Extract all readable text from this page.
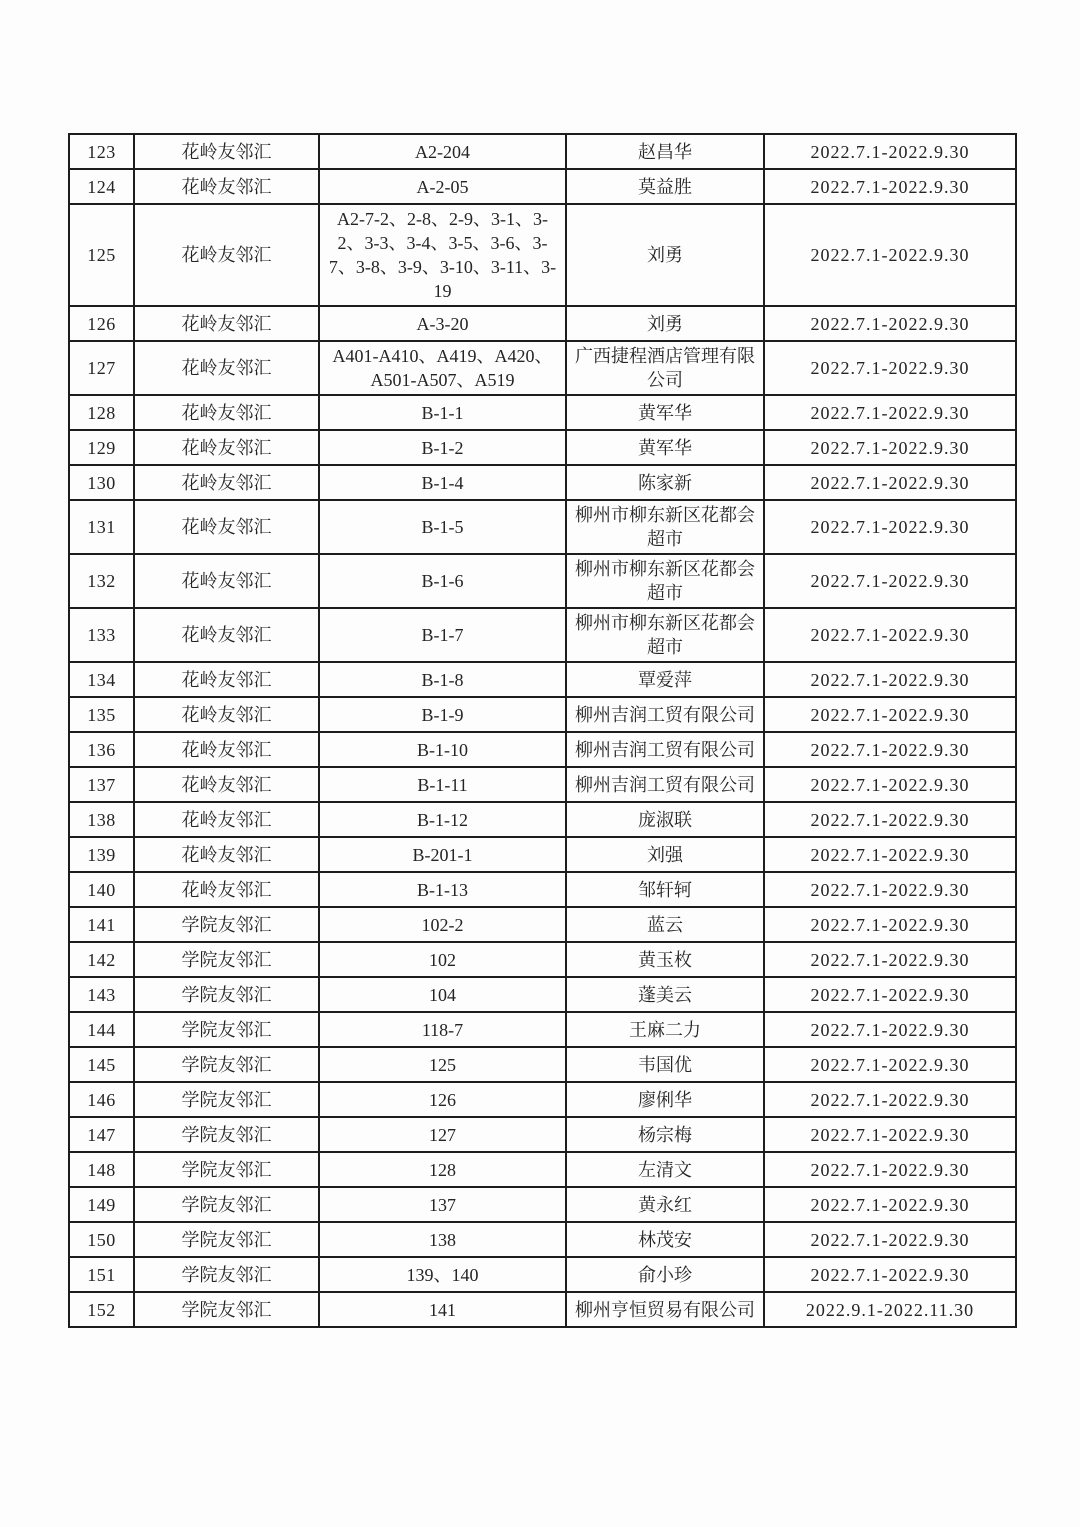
123	花岭友邻汇	A2-204	赵昌华	2022.7.1-2022.9.30
124	花岭友邻汇	A-2-05	莫益胜	2022.7.1-2022.9.30
125	花岭友邻汇	A2-7-2、2-8、2-9、3-1、3-2、3-3、3-4、3-5、3-6、3-7、3-8、3-9、3-10、3-11、3-19	刘勇	2022.7.1-2022.9.30
126	花岭友邻汇	A-3-20	刘勇	2022.7.1-2022.9.30
127	花岭友邻汇	A401-A410、A419、A420、A501-A507、A519	广西捷程酒店管理有限公司	2022.7.1-2022.9.30
128	花岭友邻汇	B-1-1	黄军华	2022.7.1-2022.9.30
129	花岭友邻汇	B-1-2	黄军华	2022.7.1-2022.9.30
130	花岭友邻汇	B-1-4	陈家新	2022.7.1-2022.9.30
131	花岭友邻汇	B-1-5	柳州市柳东新区花都会超市	2022.7.1-2022.9.30
132	花岭友邻汇	B-1-6	柳州市柳东新区花都会超市	2022.7.1-2022.9.30
133	花岭友邻汇	B-1-7	柳州市柳东新区花都会超市	2022.7.1-2022.9.30
134	花岭友邻汇	B-1-8	覃爱萍	2022.7.1-2022.9.30
135	花岭友邻汇	B-1-9	柳州吉润工贸有限公司	2022.7.1-2022.9.30
136	花岭友邻汇	B-1-10	柳州吉润工贸有限公司	2022.7.1-2022.9.30
137	花岭友邻汇	B-1-11	柳州吉润工贸有限公司	2022.7.1-2022.9.30
138	花岭友邻汇	B-1-12	庞淑联	2022.7.1-2022.9.30
139	花岭友邻汇	B-201-1	刘强	2022.7.1-2022.9.30
140	花岭友邻汇	B-1-13	邹轩轲	2022.7.1-2022.9.30
141	学院友邻汇	102-2	蓝云	2022.7.1-2022.9.30
142	学院友邻汇	102	黄玉枚	2022.7.1-2022.9.30
143	学院友邻汇	104	蓬美云	2022.7.1-2022.9.30
144	学院友邻汇	118-7	王麻二力	2022.7.1-2022.9.30
145	学院友邻汇	125	韦国优	2022.7.1-2022.9.30
146	学院友邻汇	126	廖俐华	2022.7.1-2022.9.30
147	学院友邻汇	127	杨宗梅	2022.7.1-2022.9.30
148	学院友邻汇	128	左清文	2022.7.1-2022.9.30
149	学院友邻汇	137	黄永红	2022.7.1-2022.9.30
150	学院友邻汇	138	林茂安	2022.7.1-2022.9.30
151	学院友邻汇	139、140	俞小珍	2022.7.1-2022.9.30
152	学院友邻汇	141	柳州亨恒贸易有限公司	2022.9.1-2022.11.30
